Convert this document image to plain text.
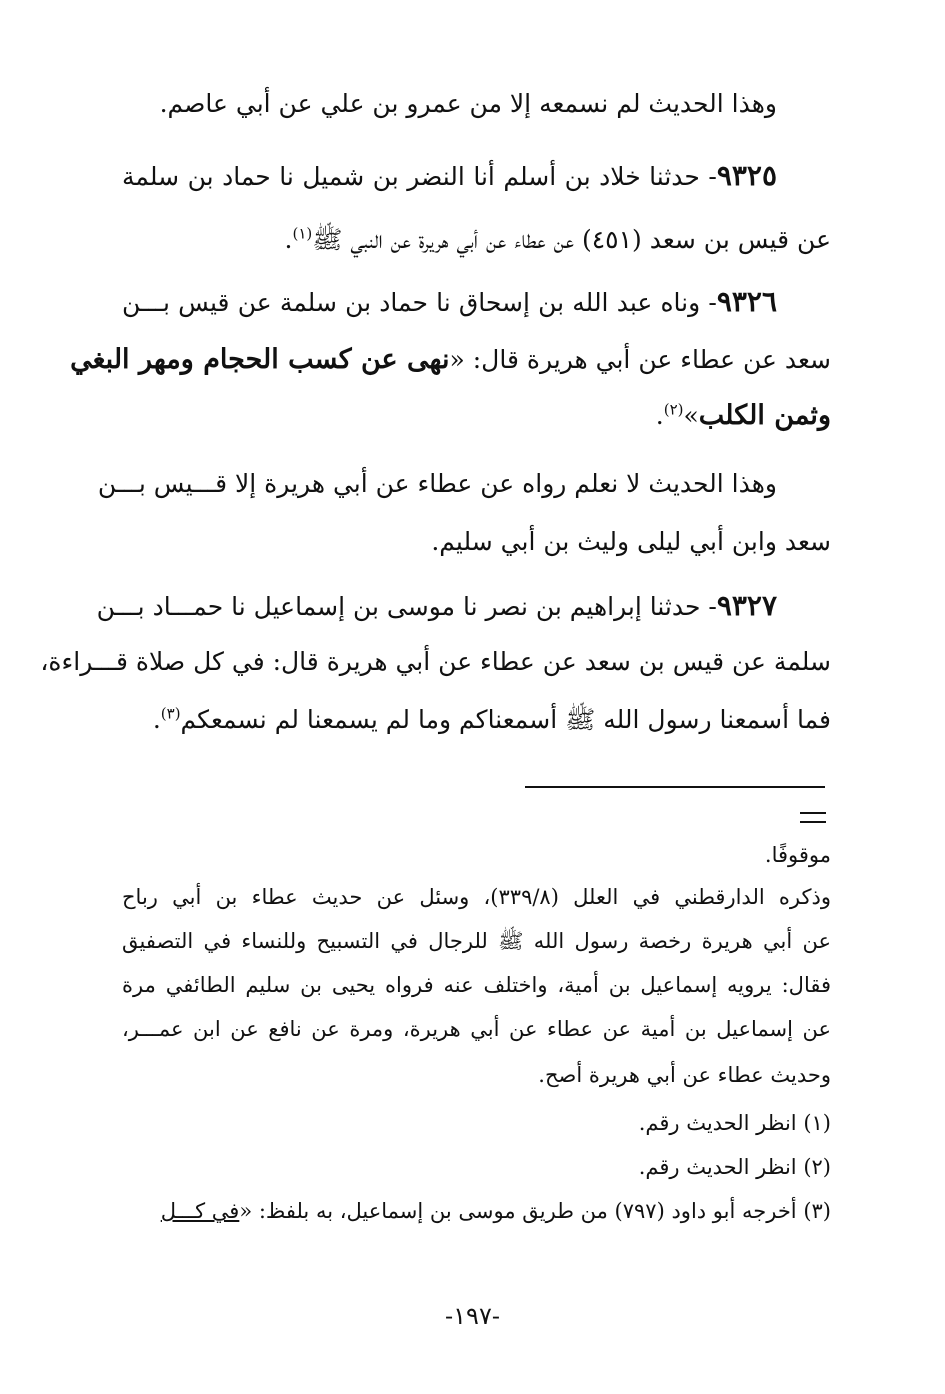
وهذا الحديث لم نسمعه إلا من عمرو بن علي عن أبي عاصم.
٩٣٢٥- حدثنا خلاد بن أسلم أنا النضر بن شميل نا حماد بن سلمة
عن قيس بن سعد (٤٥١) عن عطاء عن أبي هريرة عن النبي ﷺ$^{(١)}$.
٩٣٢٦- وناه عبد الله بن إسحاق نا حماد بن سلمة عن قيس بـــن
سعد عن عطاء عن أبي هريرة قال: «نهى عن كسب الحجام ومهر البغي
وثمن الكلب»$^{(٢)}$.
وهذا الحديث لا نعلم رواه عن عطاء عن أبي هريرة إلا قـــيس بـــن
سعد وابن أبي ليلى وليث بن أبي سليم.
٩٣٢٧- حدثنا إبراهيم بن نصر نا موسى بن إسماعيل نا حمـــاد بـــن
سلمة عن قيس بن سعد عن عطاء عن أبي هريرة قال: في كل صلاة قـــراءة،
فما أسمعنا رسول الله ﷺ أسمعناكم وما لم يسمعنا لم نسمعكم$^{(٣)}$.
موقوفًا.
وذكره الدارقطني في العلل (٣٣٩/٨)، وسئل عن حديث عطاء بن أبي رباح
عن أبي هريرة رخصة رسول الله ﷺ للرجال في التسبيح وللنساء في التصفيق
فقال: يرويه إسماعيل بن أمية، واختلف عنه فرواه يحيى بن سليم الطائفي مرة
عن إسماعيل بن أمية عن عطاء عن أبي هريرة، ومرة عن نافع عن ابن عمـــر،
وحديث عطاء عن أبي هريرة أصح.
(١) انظر الحديث رقم.
(٢) انظر الحديث رقم.
(٣) أخرجه أبو داود (٧٩٧) من طريق موسى بن إسماعيل، به بلفظ: «في كـــل
-١٩٧-
